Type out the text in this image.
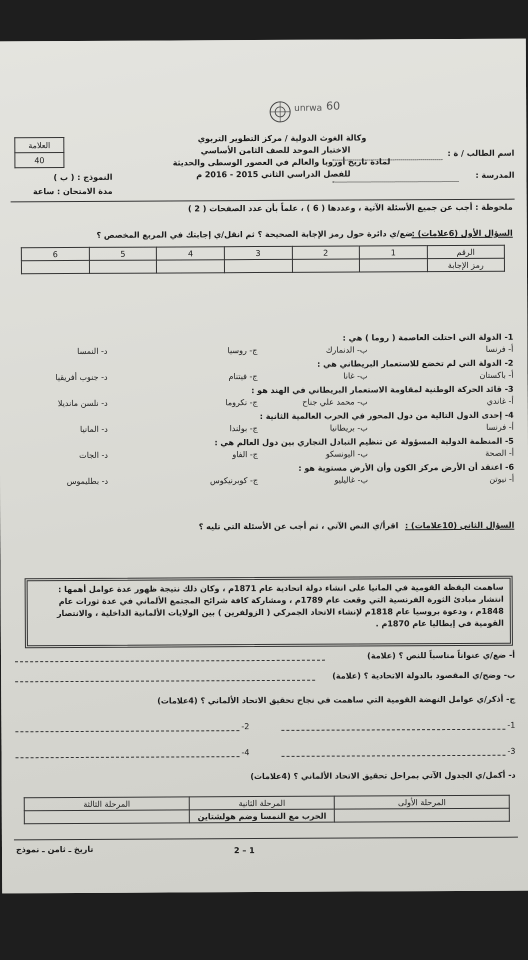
unrwa 60
العلامة
40
وكالة الغوث الدولية / مركز التطوير التربوي
الاختبار الموحد للصف الثامن الأساسي
لمادة تاريخ أوروبا والعالم في العصور الوسطى والحديثة
للفصل الدراسي الثاني 2015 - 2016 م
اسم الطالب / ة :
المدرسة :
النموذج : ( ب )
مدة الامتحان : ساعة
ملحوظة : أجب عن جميع الأسئلة الآتية ، وعددها ( 6 ) ، علماً بأن عدد الصفحات ( 2 )
السؤال الأول (6علامات) :
ضع/ي دائرة حول رمز الإجابة الصحيحة ؟ ثم انقل/ي إجابتك في المربع المخصص ؟
الرقم	1	2	3	4	5	6
رمز الإجابة						
1- الدولة التي احتلت العاصمة ( روما ) هي :
أ- فرنسا
ب- الدنمارك
ج- روسيا
د- النمسا
2- الدولة التي لم تخضع للاستعمار البريطاني هي :
أ- باكستان
ب- غانا
ج- فيتنام
د- جنوب أفريقيا
3- قائد الحركة الوطنية لمقاومة الاستعمار البريطاني في الهند هو :
أ- غاندي
ب- محمد علي جناح
ج- نكروما
د- نلسن مانديلا
4- إحدى الدول التالية من دول المحور في الحرب العالمية الثانية :
أ- فرنسا
ب- بريطانيا
ج- بولندا
د- المانيا
5- المنظمة الدولية المسؤولة عن تنظيم التبادل التجاري بين دول العالم هي :
أ- الصحة
ب- اليونسكو
ج- الفاو
د- الجات
6- اعتقد أن الأرض مركز الكون وأن الأرض مستوية هو :
أ- نيوتن
ب- غاليليو
ج- كوبرنيكوس
د- بطليموس
السؤال الثاني (10علامات) :
اقرأ/ي النص الآتي ، ثم أجب عن الأسئلة التي تليه ؟
ساهمت اليقظة القومية في المانيا على انشاء دولة اتحادية عام 1871م ، وكان ذلك نتيجة ظهور عدة عوامل أهمها :
انتشار مبادئ الثورة الفرنسية التي وقعت عام 1789م ، ومشاركة كافة شرائح المجتمع الألماني في عدة ثورات عام
1848م ، ودعوة بروسيا عام 1818م لإنشاء الاتحاد الجمركي ( الزولفرين ) بين الولايات الألمانية الداخلية ، والانتصار
القومية في إيطاليا عام 1870م .
أ- ضع/ي عنواناً مناسباً للنص ؟ (علامة)
ب- وضح/ي المقصود بالدولة الاتحادية ؟ (علامة)
ج- أذكر/ي عوامل النهضة القومية التي ساهمت في نجاح تحقيق الاتحاد الألماني ؟ (4علامات)
-1
-2
-3
-4
د- أكمل/ي الجدول الآتي بمراحل تحقيق الاتحاد الألماني ؟ (4علامات)
المرحلة الأولى	المرحلة الثانية	المرحلة الثالثة
	الحرب مع النمسا وضم هولشتاين	
تاريخ ـ ثامن ـ نموذج	2 – 1
